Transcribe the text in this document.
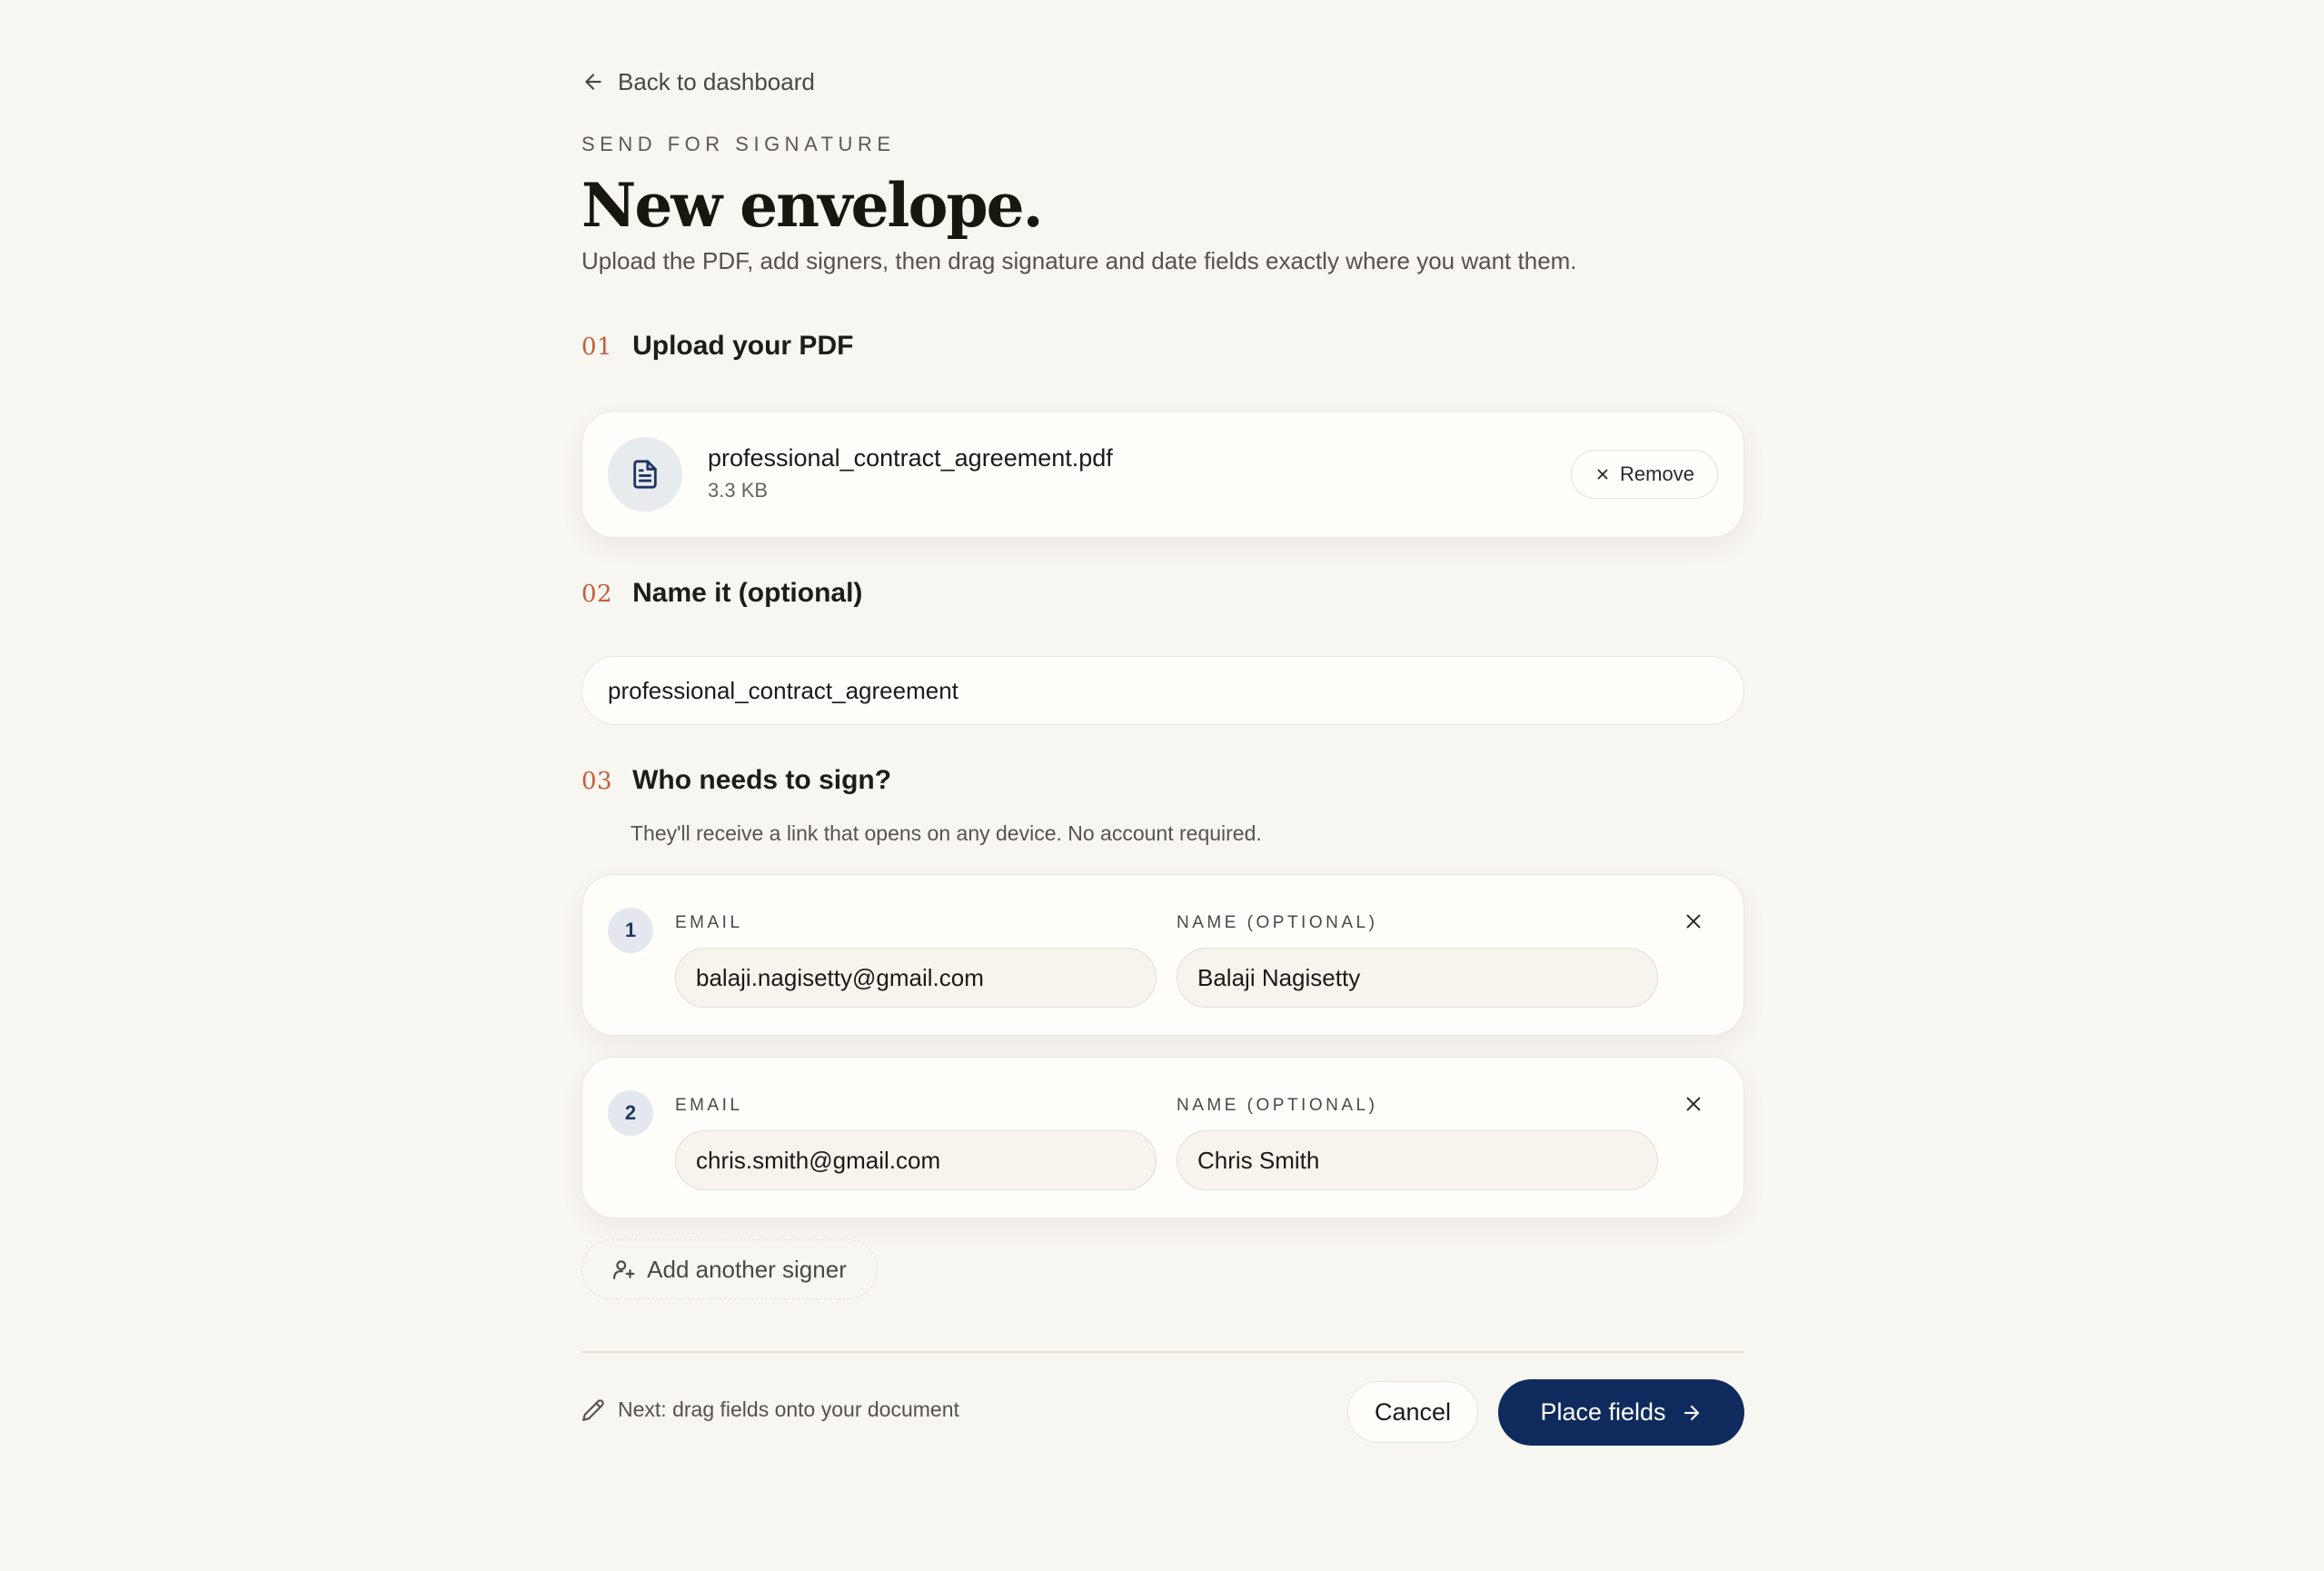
Back to dashboard
SEND FOR SIGNATURE
New envelope.

Upload the PDF, add signers, then drag signature and date fields exactly where you want them.

01 Upload your PDF
professional_contract_agreement.pdf
3.3 KB
Remove
02 Name it (optional)
professional_contract_agreement
03 Who needs to sign?
They'll receive a link that opens on any device. No account required.
1	EMAIL	NAME (OPTIONAL)
balaji.nagisetty@gmail.com	Balaji Nagisetty
2	EMAIL	NAME (OPTIONAL)
chris.smith@gmail.com	Chris Smith
Add another signer
Next: drag fields onto your document	Cancel	Place fields
